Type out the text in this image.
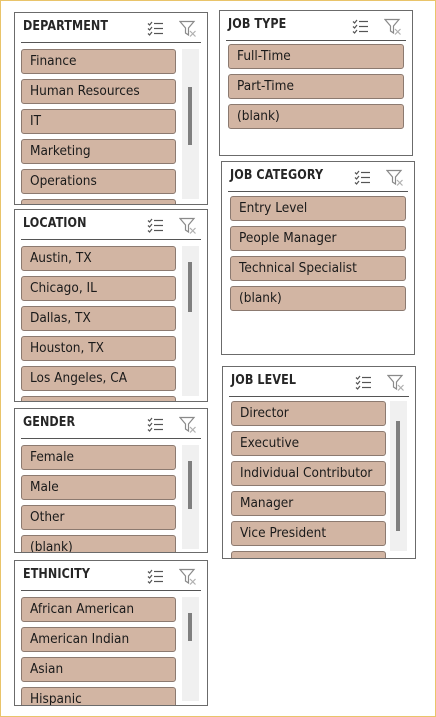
DEPARTMENT
Finance
Human Resources
IT
Marketing
Operations
LOCATION
Austin, TX
Chicago, IL
Dallas, TX
Houston, TX
Los Angeles, CA
GENDER
Female
Male
Other
(blank)
ETHNICITY
African American
American Indian
Asian
Hispanic
JOB TYPE
Full-Time
Part-Time
(blank)
JOB CATEGORY
Entry Level
People Manager
Technical Specialist
(blank)
JOB LEVEL
Director
Executive
Individual Contributor
Manager
Vice President
